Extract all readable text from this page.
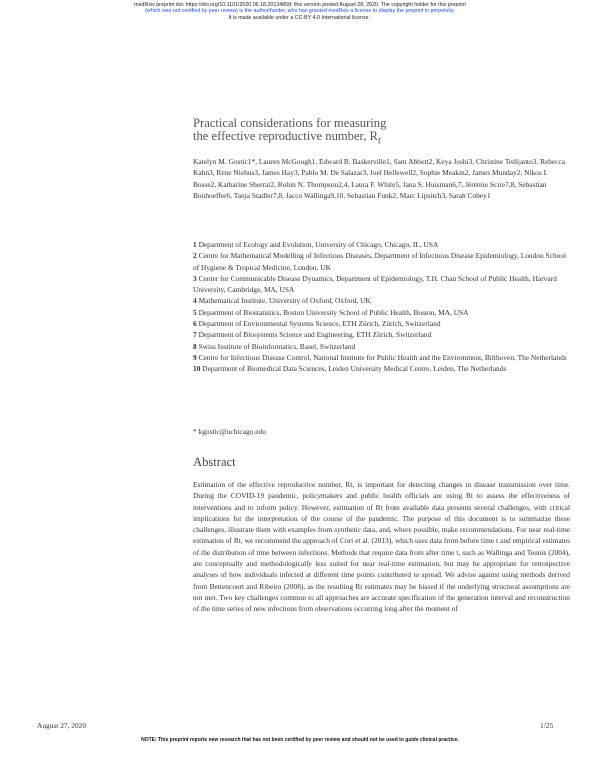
medRxiv preprint doi: https://doi.org/10.1101/2020.06.18.20134858; this version posted August 28, 2020. The copyright holder for this preprint
(which was not certified by peer review) is the author/funder, who has granted medRxiv a license to display the preprint in perpetuity.
It is made available under a CC-BY 4.0 International license .
Practical considerations for measuring
the effective reproductive number, $R_t$
Katelyn M. Gostic1*, Lauren McGough1, Edward B. Baskerville1, Sam Abbott2, Keya Joshi3, Christine Tedijanto3, Rebecca Kahn3, Rene Niehus3, James Hay3, Pablo M. De Salazar3, Joel Hellewell2, Sophie Meakin2, James Munday2, Nikos I. Bosse2, Katharine Sherrat2, Robin N. Thompson2,4, Laura F. White5, Jana S. Huisman6,7, Jérémie Scire7,8, Sebastian Bonhoeffer6, Tanja Stadler7,8, Jacco Wallinga9,10, Sebastian Funk2, Marc Lipsitch3, Sarah Cobey1
1 Department of Ecology and Evolution, University of Chicago, Chicago, IL, USA
2 Centre for Mathematical Modelling of Infectious Diseases, Department of Infectious Disease Epidemiology, London School of Hygiene & Tropical Medicine, London, UK
3 Center for Communicable Disease Dynamics, Department of Epidemiology, T.H. Chan School of Public Health, Harvard University, Cambridge, MA, USA
4 Mathematical Institute, University of Oxford, Oxford, UK
5 Department of Biostatistics, Boston University School of Public Health, Boston, MA, USA
6 Department of Environmental Systems Science, ETH Zürich, Zürich, Switzerland
7 Department of Biosystems Science and Engineering, ETH Zürich, Switzerland
8 Swiss Institute of Bioinformatics, Basel, Switzerland
9 Centre for Infectious Disease Control, National Institute for Public Health and the Environment, Bilthoven, The Netherlands
10 Department of Biomedical Data Sciences, Leiden University Medical Centre, Leiden, The Netherlands
* kgostic@uchicago.edu
Abstract
Estimation of the effective reproductive number, Rt, is important for detecting changes in disease transmission over time. During the COVID-19 pandemic, policymakers and public health officials are using Rt to assess the effectiveness of interventions and to inform policy. However, estimation of Rt from available data presents several challenges, with critical implications for the interpretation of the course of the pandemic. The purpose of this document is to summarize these challenges, illustrate them with examples from synthetic data, and, where possible, make recommendations. For near real-time estimation of Rt, we recommend the approach of Cori et al. (2013), which uses data from before time t and empirical estimates of the distribution of time between infections. Methods that require data from after time t, such as Wallinga and Teunis (2004), are conceptually and methodologically less suited for near real-time estimation, but may be appropriate for retrospective analyses of how individuals infected at different time points contributed to spread. We advise against using methods derived from Bettencourt and Ribeiro (2008), as the resulting Rt estimates may be biased if the underlying structural assumptions are not met. Two key challenges common to all approaches are accurate specification of the generation interval and reconstruction of the time series of new infections from observations occurring long after the moment of
August 27, 2020	1/25
NOTE: This preprint reports new research that has not been certified by peer review and should not be used to guide clinical practice.
